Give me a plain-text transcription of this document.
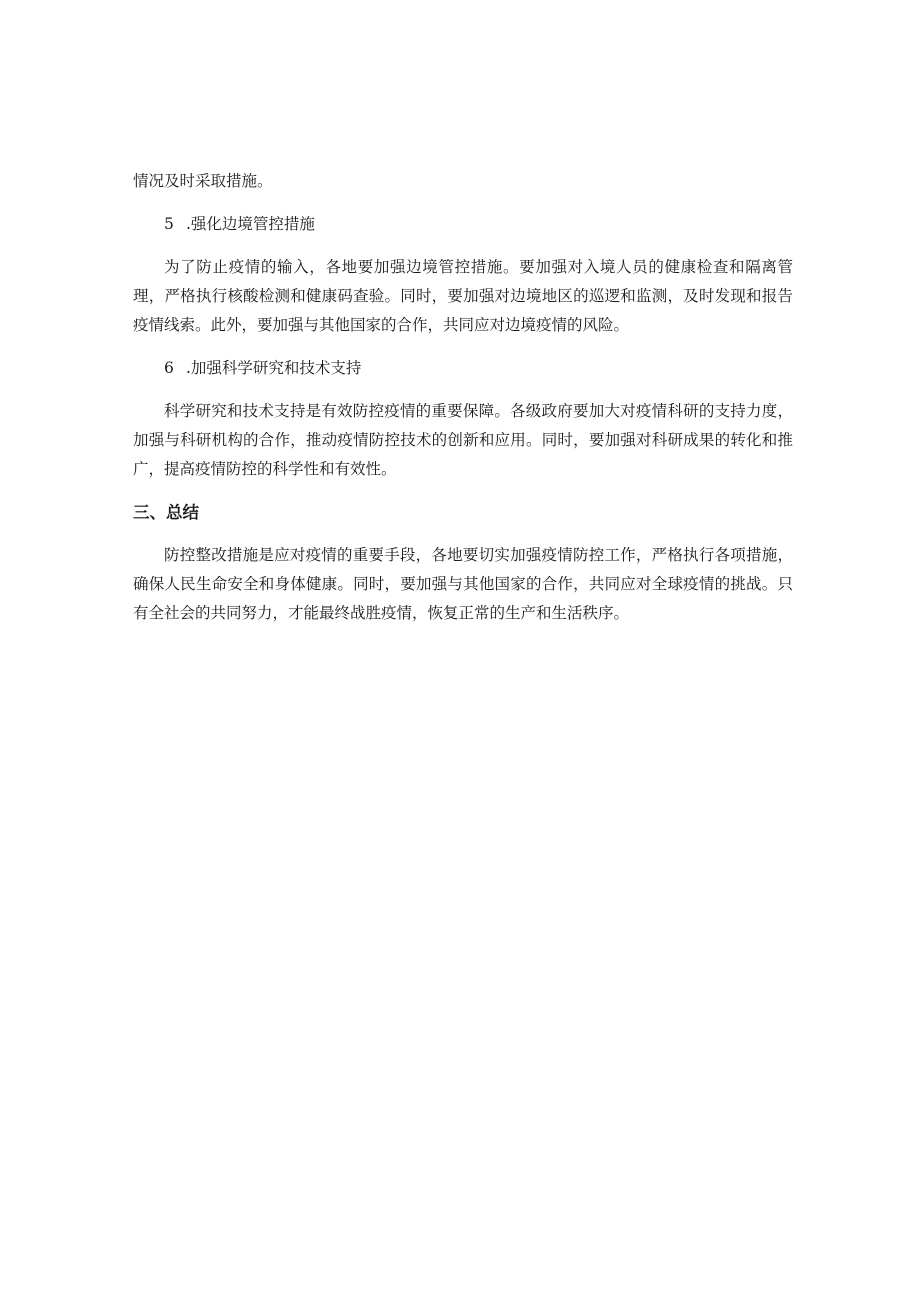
情况及时采取措施。

5 .强化边境管控措施

为了防止疫情的输入，各地要加强边境管控措施。要加强对入境人员的健康检查和隔离管理，严格执行核酸检测和健康码查验。同时，要加强对边境地区的巡逻和监测，及时发现和报告疫情线索。此外，要加强与其他国家的合作，共同应对边境疫情的风险。

6 .加强科学研究和技术支持

科学研究和技术支持是有效防控疫情的重要保障。各级政府要加大对疫情科研的支持力度，加强与科研机构的合作，推动疫情防控技术的创新和应用。同时，要加强对科研成果的转化和推广，提高疫情防控的科学性和有效性。

三、总结

防控整改措施是应对疫情的重要手段，各地要切实加强疫情防控工作，严格执行各项措施，确保人民生命安全和身体健康。同时，要加强与其他国家的合作，共同应对全球疫情的挑战。只有全社会的共同努力，才能最终战胜疫情，恢复正常的生产和生活秩序。
